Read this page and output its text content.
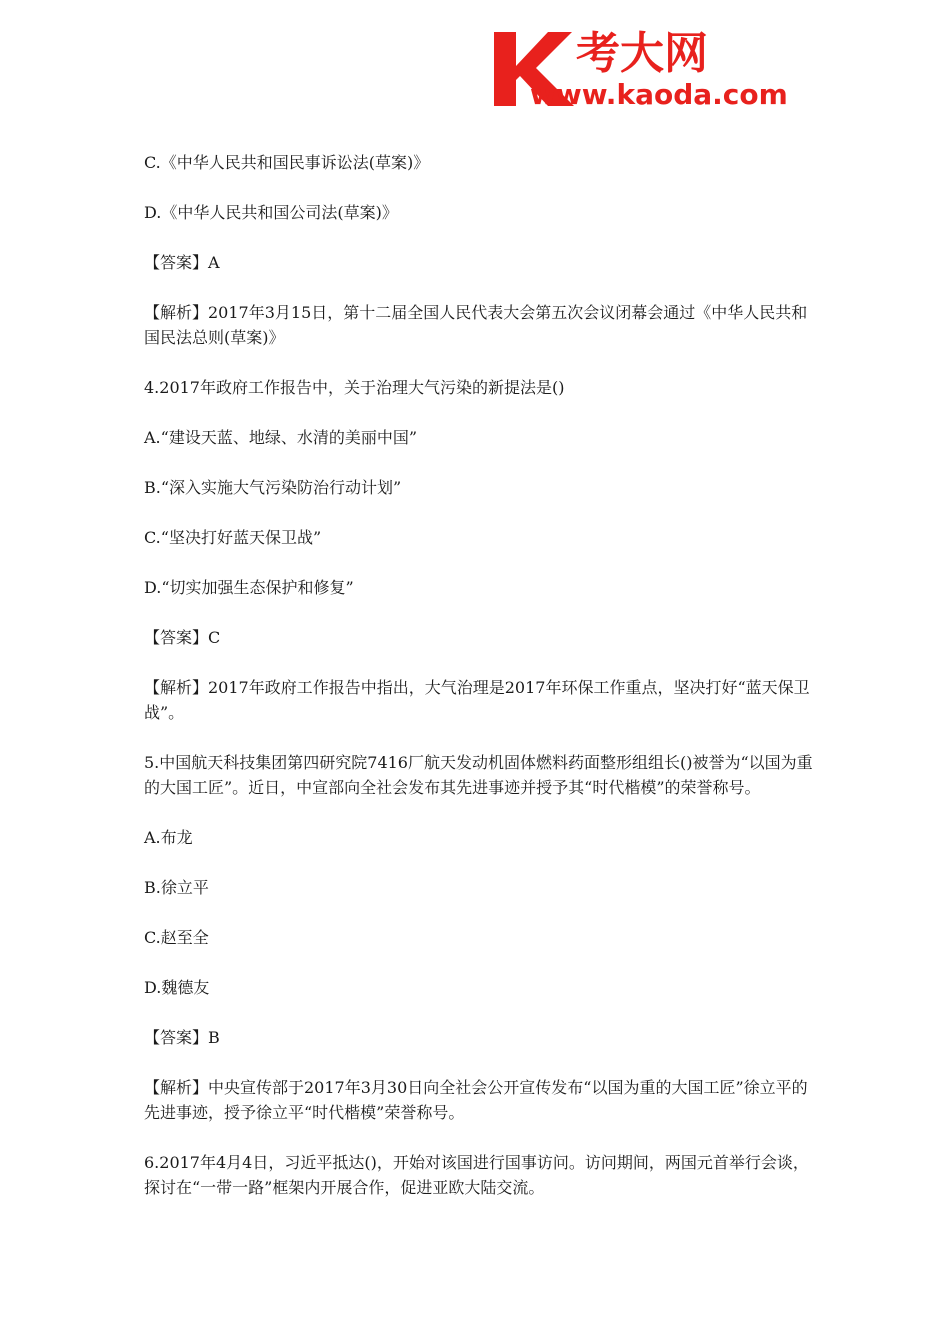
考大网
www.kaoda.com

C.《中华人民共和国民事诉讼法(草案)》

D.《中华人民共和国公司法(草案)》

【答案】A

【解析】2017年3月15日，第十二届全国人民代表大会第五次会议闭幕会通过《中华人民共和国民法总则(草案)》

4.2017年政府工作报告中，关于治理大气污染的新提法是()

A.“建设天蓝、地绿、水清的美丽中国”

B.“深入实施大气污染防治行动计划”

C.“坚决打好蓝天保卫战”

D.“切实加强生态保护和修复”

【答案】C

【解析】2017年政府工作报告中指出，大气治理是2017年环保工作重点，坚决打好“蓝天保卫战”。

5.中国航天科技集团第四研究院7416厂航天发动机固体燃料药面整形组组长()被誉为“以国为重的大国工匠”。近日，中宣部向全社会发布其先进事迹并授予其“时代楷模”的荣誉称号。

A.布龙

B.徐立平

C.赵至全

D.魏德友

【答案】B

【解析】中央宣传部于2017年3月30日向全社会公开宣传发布“以国为重的大国工匠”徐立平的先进事迹，授予徐立平“时代楷模”荣誉称号。

6.2017年4月4日，习近平抵达()，开始对该国进行国事访问。访问期间，两国元首举行会谈，探讨在“一带一路”框架内开展合作，促进亚欧大陆交流。
